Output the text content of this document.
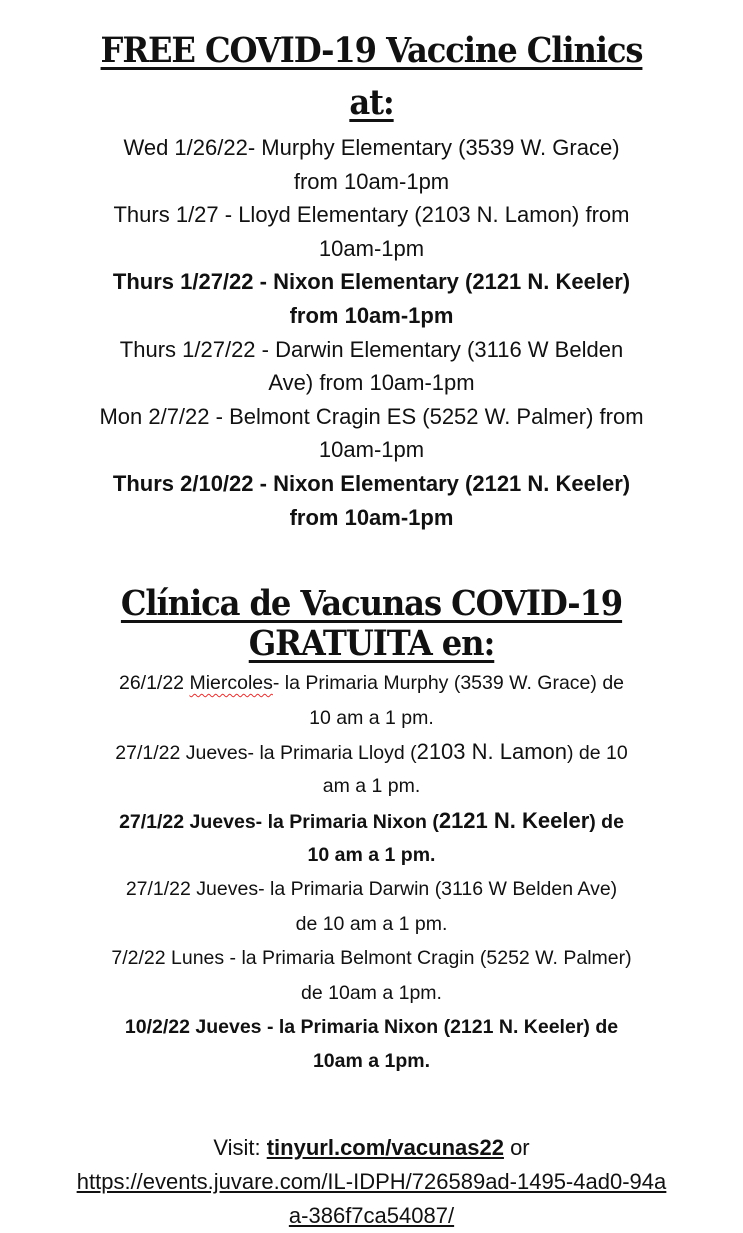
FREE COVID-19 Vaccine Clinics
at:
Wed 1/26/22- Murphy Elementary (3539 W. Grace)
from 10am-1pm
Thurs 1/27 - Lloyd Elementary (2103 N. Lamon) from
10am-1pm
Thurs 1/27/22 - Nixon Elementary (2121 N. Keeler)
from 10am-1pm
Thurs 1/27/22 - Darwin Elementary (3116 W Belden
Ave) from 10am-1pm
Mon 2/7/22 - Belmont Cragin ES (5252 W. Palmer) from
10am-1pm
Thurs 2/10/22 - Nixon Elementary (2121 N. Keeler)
from 10am-1pm
Clínica de Vacunas COVID-19
GRATUITA en:
26/1/22 Miercoles- la Primaria Murphy (3539 W. Grace) de
10 am a 1 pm.
27/1/22 Jueves- la Primaria Lloyd (2103 N. Lamon) de 10
am a 1 pm.
27/1/22 Jueves- la Primaria Nixon (2121 N. Keeler) de
10 am a 1 pm.
27/1/22 Jueves- la Primaria Darwin (3116 W Belden Ave)
de 10 am a 1 pm.
7/2/22 Lunes - la Primaria Belmont Cragin (5252 W. Palmer)
de 10am a 1pm.
10/2/22 Jueves - la Primaria Nixon (2121 N. Keeler) de
10am a 1pm.
Visit: tinyurl.com/vacunas22 or
https://events.juvare.com/IL-IDPH/726589ad-1495-4ad0-94a
a-386f7ca54087/
